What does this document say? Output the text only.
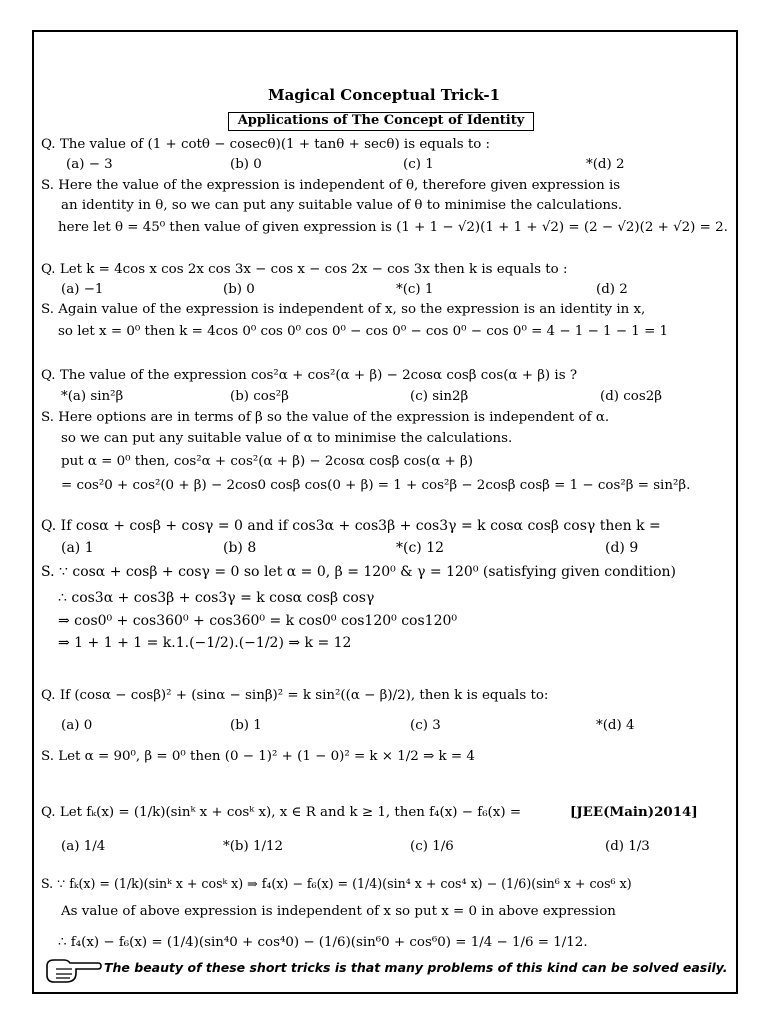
Magical Conceptual Trick-1
Applications of The Concept of Identity
Q. The value of (1 + cotθ − cosecθ)(1 + tanθ + secθ) is equals to :
(a) − 3	(b) 0	(c) 1	*(d) 2
S. Here the value of the expression is independent of θ, therefore given expression is
an identity in θ, so we can put any suitable value of θ to minimise the calculations.
here let θ = 45⁰ then value of given expression is (1 + 1 − √2)(1 + 1 + √2) = (2 − √2)(2 + √2) = 2.
Q. Let k = 4cos x cos 2x cos 3x − cos x − cos 2x − cos 3x then k is equals to :
(a) −1	(b) 0	*(c) 1	(d) 2
S. Again value of the expression is independent of x, so the expression is an identity in x,
so let x = 0⁰ then k = 4cos 0⁰ cos 0⁰ cos 0⁰ − cos 0⁰ − cos 0⁰ − cos 0⁰ = 4 − 1 − 1 − 1 = 1
Q. The value of the expression cos²α + cos²(α + β) − 2cosα cosβ cos(α + β) is ?
*(a) sin²β	(b) cos²β	(c) sin2β	(d) cos2β
S. Here options are in terms of β so the value of the expression is independent of α.
so we can put any suitable value of α to minimise the calculations.
put α = 0⁰ then, cos²α + cos²(α + β) − 2cosα cosβ cos(α + β)
= cos²0 + cos²(0 + β) − 2cos0 cosβ cos(0 + β) = 1 + cos²β − 2cosβ cosβ = 1 − cos²β = sin²β.
Q. If cosα + cosβ + cosγ = 0 and if cos3α + cos3β + cos3γ = k cosα cosβ cosγ then k =
(a) 1	(b) 8	*(c) 12	(d) 9
S. ∵ cosα + cosβ + cosγ = 0 so let α = 0, β = 120⁰ & γ = 120⁰ (satisfying given condition)
∴ cos3α + cos3β + cos3γ = k cosα cosβ cosγ
⇒ cos0⁰ + cos360⁰ + cos360⁰ = k cos0⁰ cos120⁰ cos120⁰
⇒ 1 + 1 + 1 = k.1.(−1/2).(−1/2) ⇒ k = 12
Q. If (cosα − cosβ)² + (sinα − sinβ)² = k sin²((α − β)/2), then k is equals to:
(a) 0	(b) 1	(c) 3	*(d) 4
S. Let α = 90⁰, β = 0⁰ then (0 − 1)² + (1 − 0)² = k × 1/2 ⇒ k = 4
Q. Let fₖ(x) = (1/k)(sinᵏ x + cosᵏ x), x ∈ R and k ≥ 1, then f₄(x) − f₆(x) =	[JEE(Main)2014]
(a) 1/4	*(b) 1/12	(c) 1/6	(d) 1/3
S. ∵ fₖ(x) = (1/k)(sinᵏ x + cosᵏ x) ⇒ f₄(x) − f₆(x) = (1/4)(sin⁴ x + cos⁴ x) − (1/6)(sin⁶ x + cos⁶ x)
As value of above expression is independent of x so put x = 0 in above expression
∴ f₄(x) − f₆(x) = (1/4)(sin⁴0 + cos⁴0) − (1/6)(sin⁶0 + cos⁶0) = 1/4 − 1/6 = 1/12.
The beauty of these short tricks is that many problems of this kind can be solved easily.
